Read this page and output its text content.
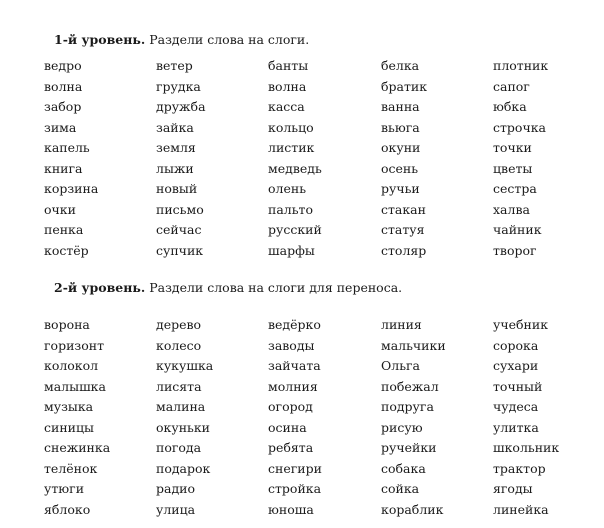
1-й уровень. Раздели слова на слоги.
ведро	ветер	банты	белка	плотник
волна	грудка	волна	братик	сапог
забор	дружба	касса	ванна	юбка
зима	зайка	кольцо	вьюга	строчка
капель	земля	листик	окуни	точки
книга	лыжи	медведь	осень	цветы
корзина	новый	олень	ручьи	сестра
очки	письмо	пальто	стакан	халва
пенка	сейчас	русский	статуя	чайник
костёр	супчик	шарфы	столяр	творог
2-й уровень. Раздели слова на слоги для переноса.
ворона	дерево	ведёрко	линия	учебник
горизонт	колесо	заводы	мальчики	сорока
колокол	кукушка	зайчата	Ольга	сухари
малышка	лисята	молния	побежал	точный
музыка	малина	огород	подруга	чудеса
синицы	окуньки	осина	рисую	улитка
снежинка	погода	ребята	ручейки	школьник
телёнок	подарок	снегири	собака	трактор
утюги	радио	стройка	сойка	ягоды
яблоко	улица	юноша	кораблик	линейка
